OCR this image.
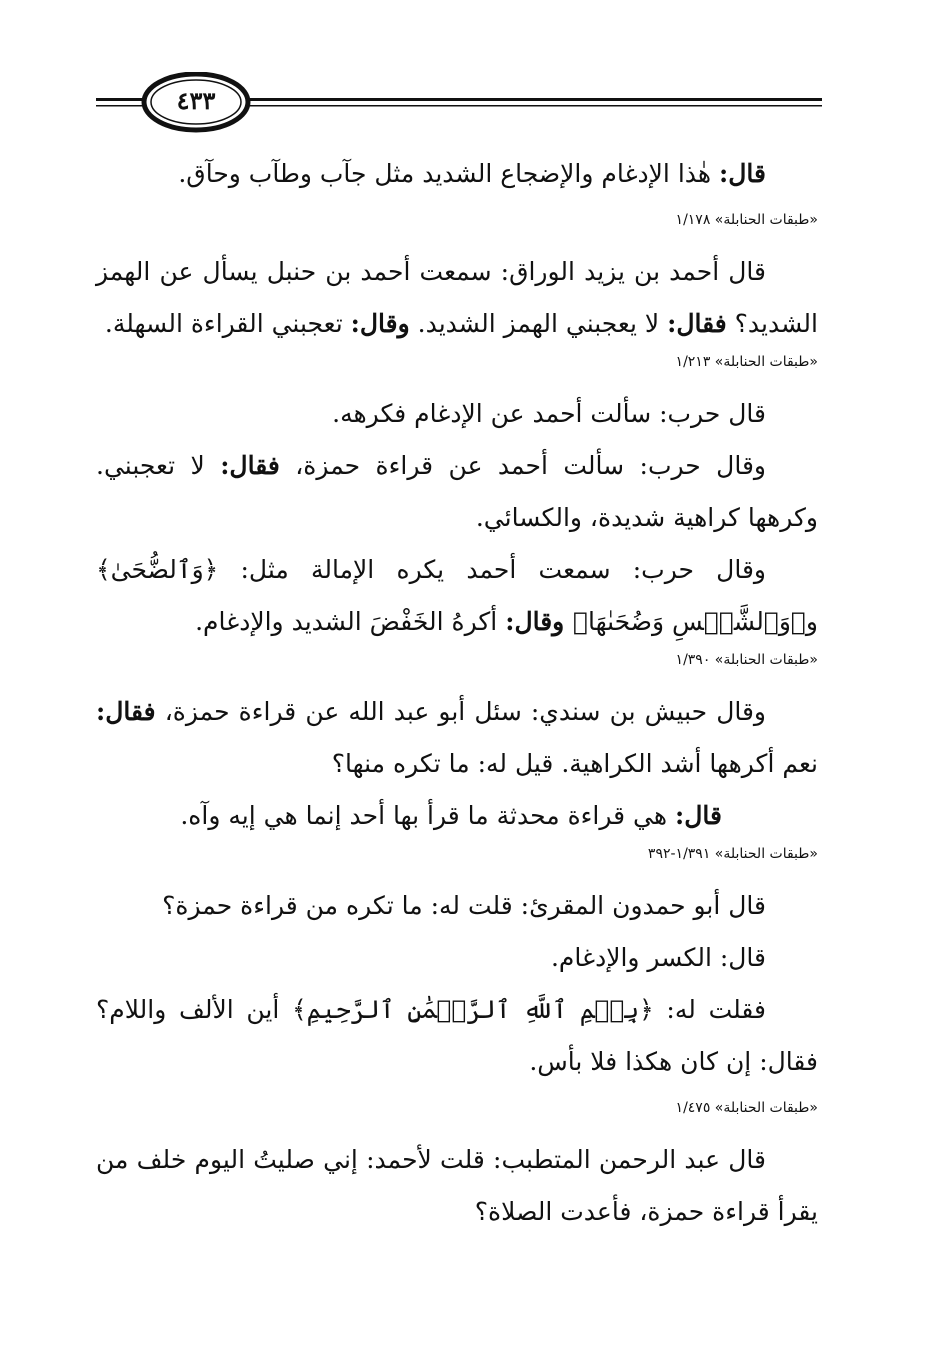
٤٣٣

قال: هٰذا الإدغام والإضجاع الشديد مثل جآب وطآب وحآق.

«طبقات الحنابلة» ١/١٧٨

قال أحمد بن يزيد الوراق: سمعت أحمد بن حنبل يسأل عن الهمز الشديد؟ فقال: لا يعجبني الهمز الشديد. وقال: تعجبني القراءة السهلة.

«طبقات الحنابلة» ١/٢١٣

قال حرب: سألت أحمد عن الإدغام فكرهه.

وقال حرب: سألت أحمد عن قراءة حمزة، فقال: لا تعجبني. وكرهها كراهية شديدة، والكسائي.

وقال حرب: سمعت أحمد يكره الإمالة مثل: ﴿وَٱلضُّحَىٰ﴾ و﴿وَٱلشَّمۡسِ وَضُحَىٰهَا﴾ وقال: أكرهُ الخَفْضَ الشديد والإدغام.

«طبقات الحنابلة» ١/٣٩٠

وقال حبيش بن سندي: سئل أبو عبد الله عن قراءة حمزة، فقال: نعم أكرهها أشد الكراهية. قيل له: ما تكره منها؟

قال: هي قراءة محدثة ما قرأ بها أحد إنما هي إيه وآه.

«طبقات الحنابلة» ١/٣٩١-٣٩٢

قال أبو حمدون المقرئ: قلت له: ما تكره من قراءة حمزة؟

قال: الكسر والإدغام.

فقلت له: ﴿بِسۡمِ ٱللَّهِ ٱلرَّحۡمَٰنِ ٱلرَّحِيمِ﴾ أين الألف واللام؟ فقال: إن كان هكذا فلا بأس.

«طبقات الحنابلة» ١/٤٧٥

قال عبد الرحمن المتطبب: قلت لأحمد: إني صليتُ اليوم خلف من يقرأ قراءة حمزة، فأعدت الصلاة؟
